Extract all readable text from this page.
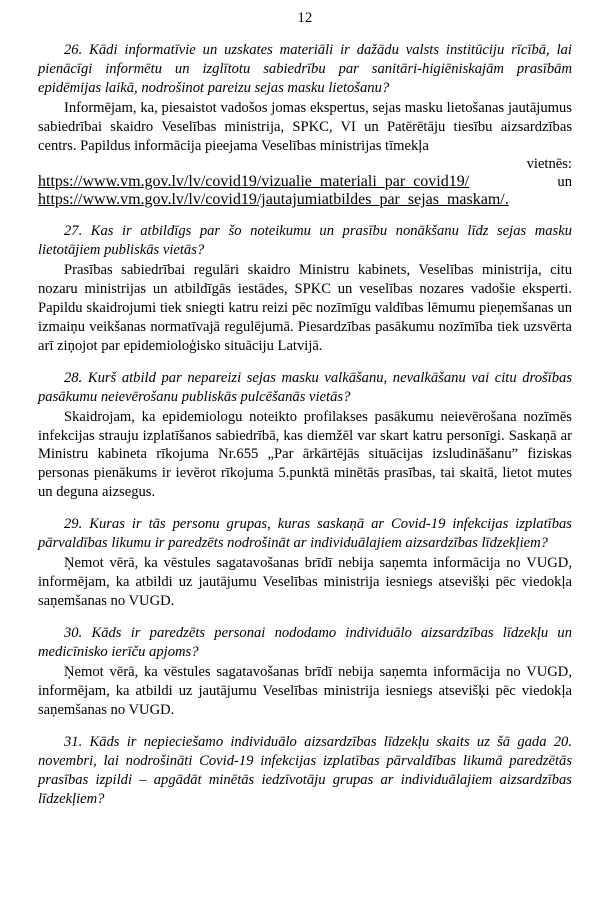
12

26. Kādi informatīvie un uzskates materiāli ir dažādu valsts institūciju rīcībā, lai pienācīgi informētu un izglītotu sabiedrību par sanitāri-higiēniskajām prasībām epidēmijas laikā, nodrošinot pareizu sejas masku lietošanu?

Informējam, ka, piesaistot vadošos jomas ekspertus, sejas masku lietošanas jautājumus sabiedrībai skaidro Veselības ministrija, SPKC, VI un Patērētāju tiesību aizsardzības centrs. Papildus informācija pieejama Veselības ministrijas tīmekļa

vietnēs:
https://www.vm.gov.lv/lv/covid19/vizualie_materiali_par_covid19/	un
https://www.vm.gov.lv/lv/covid19/jautajumiatbildes_par_sejas_maskam/.

27. Kas ir atbildīgs par šo noteikumu un prasību nonākšanu līdz sejas masku lietotājiem publiskās vietās?

Prasības sabiedrībai regulāri skaidro Ministru kabinets, Veselības ministrija, citu nozaru ministrijas un atbildīgās iestādes, SPKC un veselības nozares vadošie eksperti. Papildu skaidrojumi tiek sniegti katru reizi pēc nozīmīgu valdības lēmumu pieņemšanas un izmaiņu veikšanas normatīvajā regulējumā. Piesardzības pasākumu nozīmība tiek uzsvērta arī ziņojot par epidemioloģisko situāciju Latvijā.

28. Kurš atbild par nepareizi sejas masku valkāšanu, nevalkāšanu vai citu drošības pasākumu neievērošanu publiskās pulcēšanās vietās?

Skaidrojam, ka epidemiologu noteikto profilakses pasākumu neievērošana nozīmēs infekcijas strauju izplatīšanos sabiedrībā, kas diemžēl var skart katru personīgi. Saskaņā ar Ministru kabineta rīkojuma Nr.655 „Par ārkārtējās situācijas izsludināšanu” fiziskas personas pienākums ir ievērot rīkojuma 5.punktā minētās prasības, tai skaitā, lietot mutes un deguna aizsegus.

29. Kuras ir tās personu grupas, kuras saskaņā ar Covid-19 infekcijas izplatības pārvaldības likumu ir paredzēts nodrošināt ar individuālajiem aizsardzības līdzekļiem?

Ņemot vērā, ka vēstules sagatavošanas brīdī nebija saņemta informācija no VUGD, informējam, ka atbildi uz jautājumu Veselības ministrija iesniegs atsevišķi pēc viedokļa saņemšanas no VUGD.

30. Kāds ir paredzēts personai nododamo individuālo aizsardzības līdzekļu un medicīnisko ierīču apjoms?

Ņemot vērā, ka vēstules sagatavošanas brīdī nebija saņemta informācija no VUGD, informējam, ka atbildi uz jautājumu Veselības ministrija iesniegs atsevišķi pēc viedokļa saņemšanas no VUGD.

31. Kāds ir nepieciešamo individuālo aizsardzības līdzekļu skaits uz šā gada 20. novembri, lai nodrošināti Covid-19 infekcijas izplatības pārvaldības likumā paredzētās prasības izpildi – apgādāt minētās iedzīvotāju grupas ar individuālajiem aizsardzības līdzekļiem?
